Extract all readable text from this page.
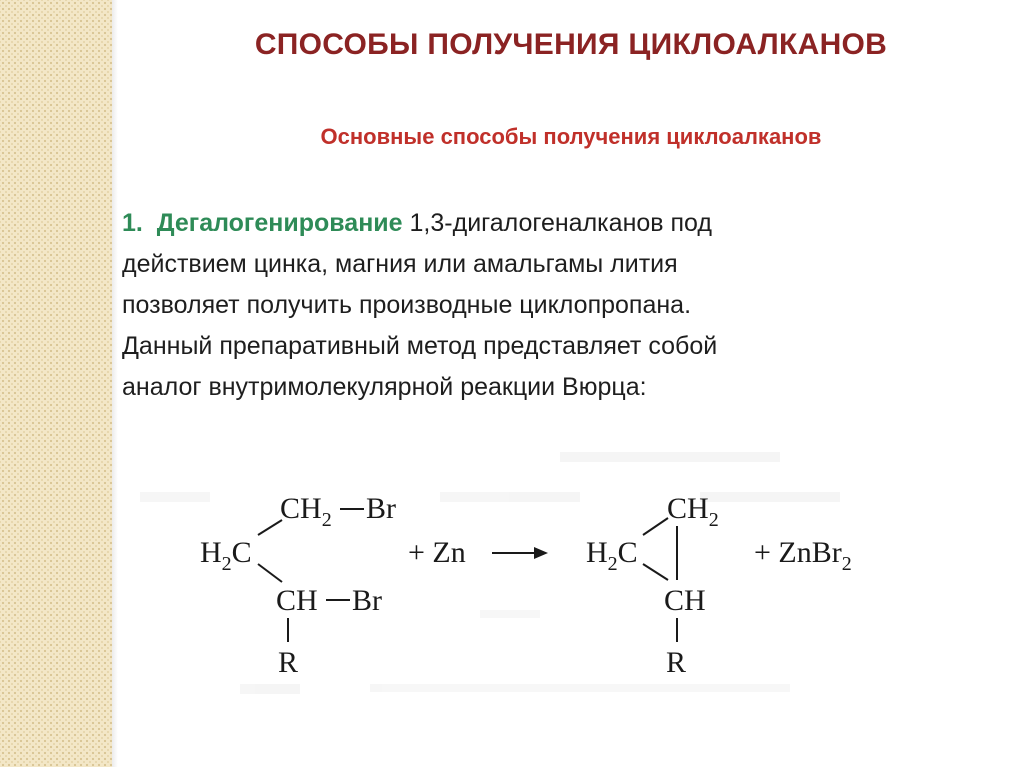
СПОСОБЫ ПОЛУЧЕНИЯ ЦИКЛОАЛКАНОВ
Основные способы получения циклоалканов
1. Дегалогенирование 1,3-дигалогеналканов под
действием цинка, магния или амальгамы лития
позволяет получить производные циклопропана.
Данный препаративный метод представляет собой
аналог внутримолекулярной реакции Вюрца:
$CH_2$ Br
$H_2C$
CH Br
R
+ Zn
$CH_2$
$H_2C$
CH
R
+ ZnBr$_2$
